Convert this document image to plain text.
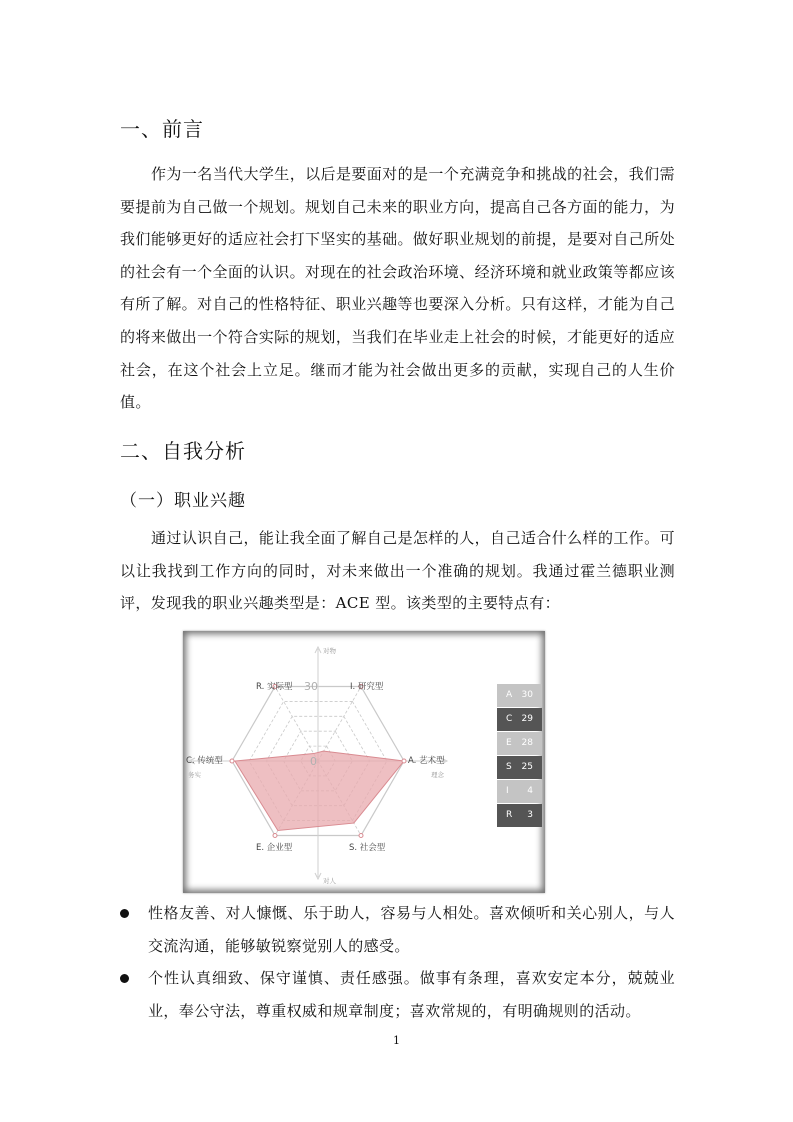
一、前言

作为一名当代大学生，以后是要面对的是一个充满竞争和挑战的社会，我们需要提前为自己做一个规划。规划自己未来的职业方向，提高自己各方面的能力，为我们能够更好的适应社会打下坚实的基础。做好职业规划的前提，是要对自己所处的社会有一个全面的认识。对现在的社会政治环境、经济环境和就业政策等都应该有所了解。对自己的性格特征、职业兴趣等也要深入分析。只有这样，才能为自己的将来做出一个符合实际的规划，当我们在毕业走上社会的时候，才能更好的适应社会，在这个社会上立足。继而才能为社会做出更多的贡献，实现自己的人生价值。

二、自我分析
（一）职业兴趣

通过认识自己，能让我全面了解自己是怎样的人，自己适合什么样的工作。可以让我找到工作方向的同时，对未来做出一个准确的规划。我通过霍兰德职业测评，发现我的职业兴趣类型是：ACE 型。该类型的主要特点有：

I. 研究型
A. 艺术型
S. 社会型
E. 企业型
C. 传统型
R. 实际型 30
0
对物
对人
务实	理念
A 30
C 29
E 28
S 25
I 4
R 3
性格友善、对人慷慨、乐于助人，容易与人相处。喜欢倾听和关心别人，与人交流沟通，能够敏锐察觉别人的感受。
个性认真细致、保守谨慎、责任感强。做事有条理，喜欢安定本分，兢兢业业，奉公守法，尊重权威和规章制度；喜欢常规的，有明确规则的活动。
1
